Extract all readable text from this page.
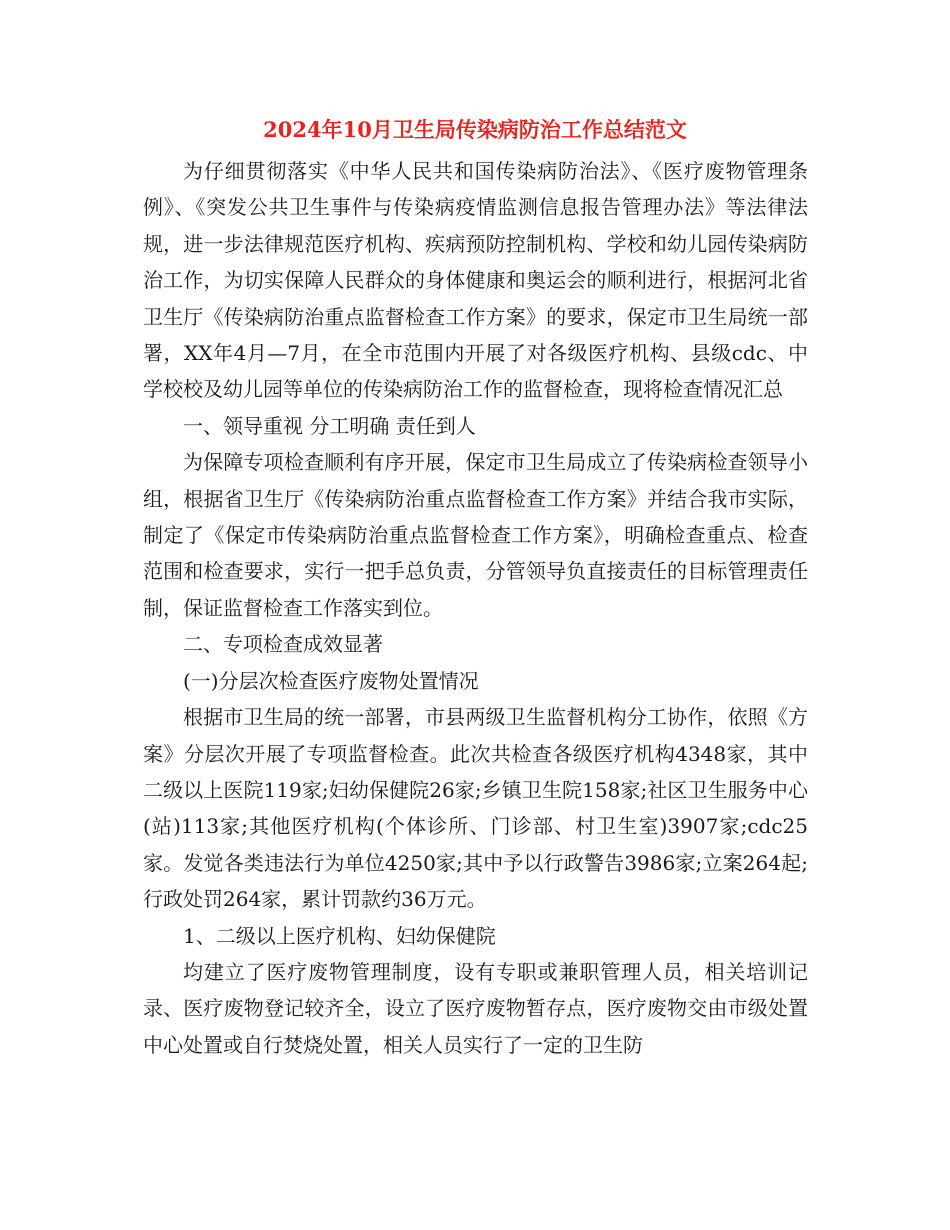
2024年10月卫生局传染病防治工作总结范文

为仔细贯彻落实《中华人民共和国传染病防治法》、《医疗废物管理条例》、《突发公共卫生事件与传染病疫情监测信息报告管理办法》等法律法规，进一步法律规范医疗机构、疾病预防控制机构、学校和幼儿园传染病防治工作，为切实保障人民群众的身体健康和奥运会的顺利进行，根据河北省卫生厅《传染病防治重点监督检查工作方案》的要求，保定市卫生局统一部署，XX年4月—7月，在全市范围内开展了对各级医疗机构、县级cdc、中学校校及幼儿园等单位的传染病防治工作的监督检查，现将检查情况汇总

一、领导重视 分工明确 责任到人

为保障专项检查顺利有序开展，保定市卫生局成立了传染病检查领导小组，根据省卫生厅《传染病防治重点监督检查工作方案》并结合我市实际，制定了《保定市传染病防治重点监督检查工作方案》，明确检查重点、检查范围和检查要求，实行一把手总负责，分管领导负直接责任的目标管理责任制，保证监督检查工作落实到位。

二、专项检查成效显著

(一)分层次检查医疗废物处置情况

根据市卫生局的统一部署，市县两级卫生监督机构分工协作，依照《方案》分层次开展了专项监督检查。此次共检查各级医疗机构4348家，其中二级以上医院119家;妇幼保健院26家;乡镇卫生院158家;社区卫生服务中心(站)113家;其他医疗机构(个体诊所、门诊部、村卫生室)3907家;cdc25家。发觉各类违法行为单位4250家;其中予以行政警告3986家;立案264起;行政处罚264家，累计罚款约36万元。

1、二级以上医疗机构、妇幼保健院

均建立了医疗废物管理制度，设有专职或兼职管理人员，相关培训记录、医疗废物登记较齐全，设立了医疗废物暂存点，医疗废物交由市级处置中心处置或自行焚烧处置，相关人员实行了一定的卫生防
